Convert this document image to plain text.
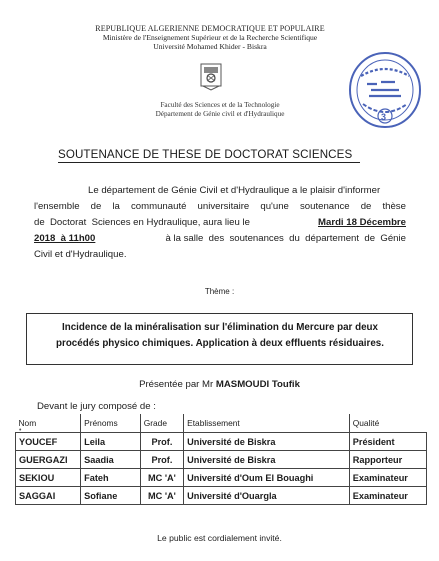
REPUBLIQUE ALGERIENNE DEMOCRATIQUE ET POPULAIRE
Ministère de l'Enseignement Supérieur et de la Recherche Scientifique
Université Mohamed Khider - Biskra
Faculté des Sciences et de la Technologie
Département de Génie civil et d'Hydraulique	3
SOUTENANCE DE THESE DE DOCTORAT SCIENCES
Le département de Génie Civil et d'Hydraulique a le plaisir d'informer
l'ensemble de la communauté universitaire qu'une soutenance de thèse
de  Doctorat  Sciences en Hydraulique, aura lieu le	Mardi 18 Décembre
2018  à 11h00	à la salle  des  soutenances  du  département  de  Génie
Civil et d'Hydraulique.
Thème :
Incidence de la minéralisation sur l'élimination du Mercure par deux
procédés physico chimiques. Application à deux effluents résiduaires.
Présentée par Mr MASMOUDI Toufik
Devant le jury composé de :
•
Nom	Prénoms	Grade	Etablissement	Qualité
YOUCEF	Leila	Prof.	Université de Biskra	Président
GUERGAZI	Saadia	Prof.	Université de Biskra	Rapporteur
SEKIOU	Fateh	MC 'A'	Université d'Oum El Bouaghi	Examinateur
SAGGAI	Sofiane	MC 'A'	Université d'Ouargla	Examinateur
Le public est cordialement invité.
